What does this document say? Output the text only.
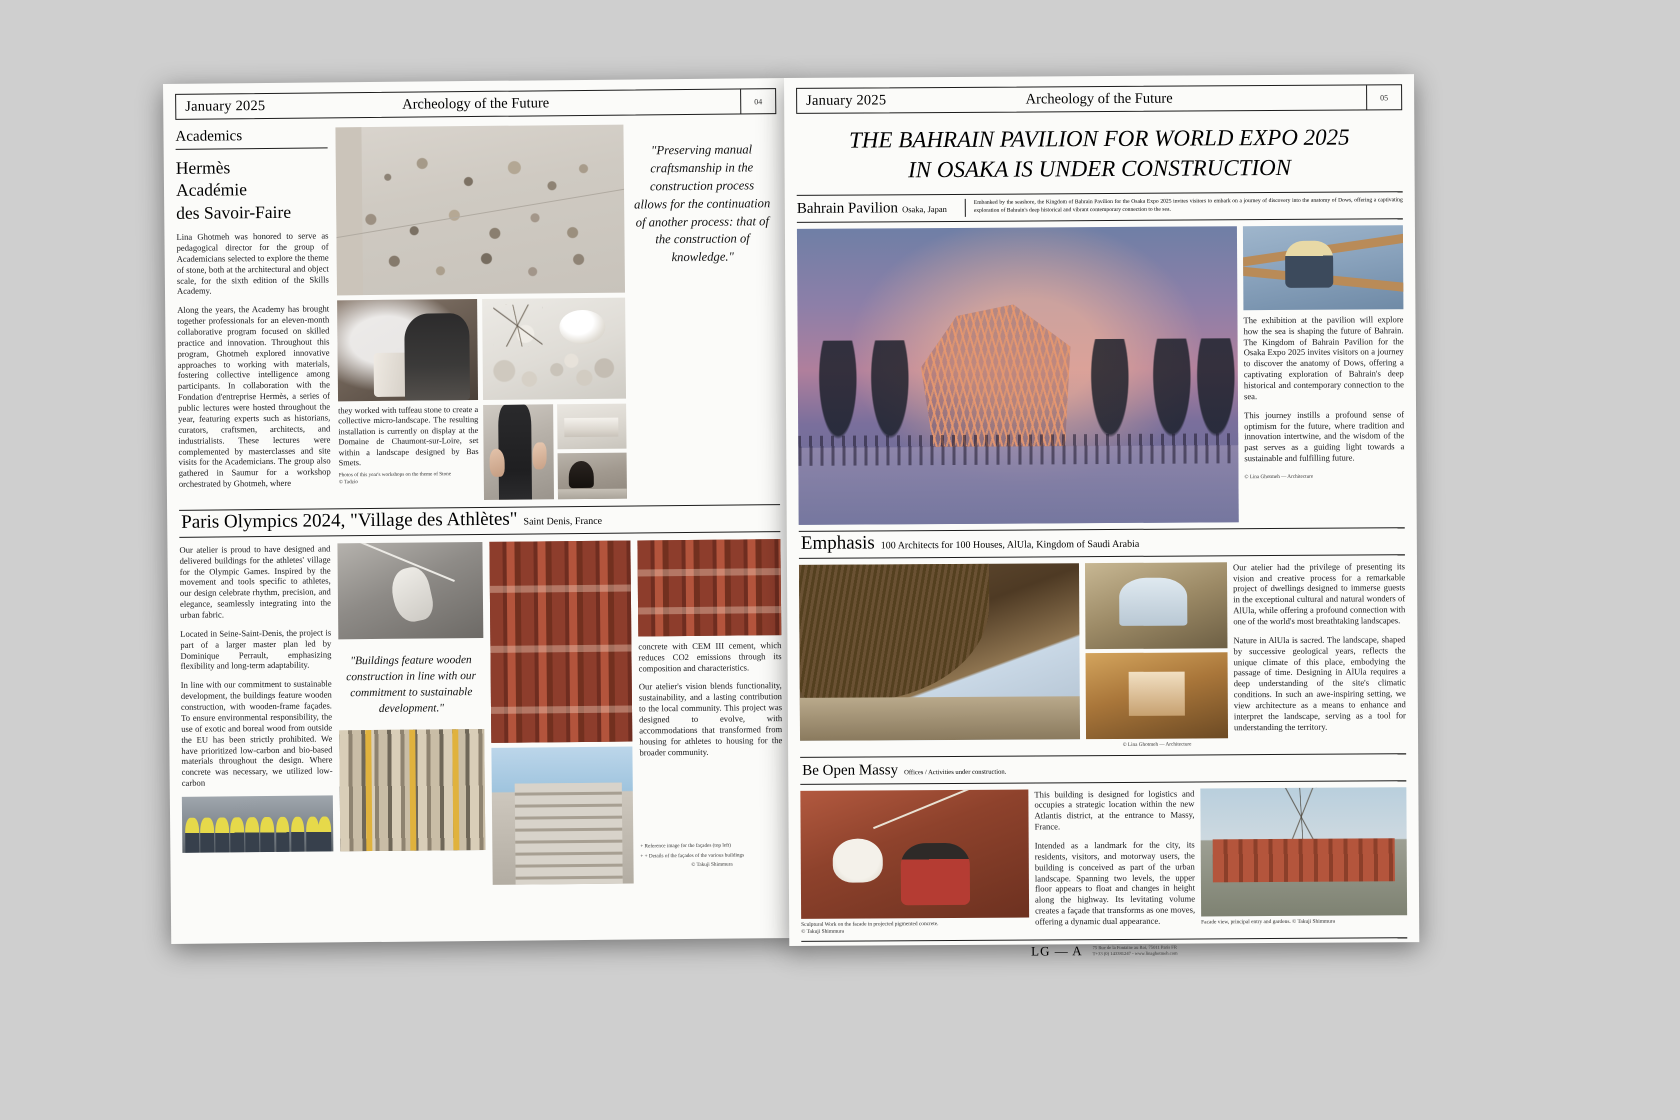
January 2025	Archeology of the Future	04
Academics
Hermès
Académie
des Savoir-Faire

Lina Ghotmeh was honored to serve as pedagogical director for the group of Academicians selected to explore the theme of stone, both at the architectural and object scale, for the sixth edition of the Skills Academy.

Along the years, the Academy has brought together professionals for an eleven-month collaborative program focused on skilled practice and innovation. Throughout this program, Ghotmeh explored innovative approaches to working with materials, fostering collective intelligence among participants. In collaboration with the Fondation d'entreprise Hermès, a series of public lectures were hosted throughout the year, featuring experts such as historians, curators, craftsmen, architects, and industrialists. These lectures were complemented by masterclasses and site visits for the Academicians. The group also gathered in Saumur for a workshop orchestrated by Ghotmeh, where

they worked with tuffeau stone to create a collective micro-landscape. The resulting installation is currently on display at the Domaine de Chaumont-sur-Loire, set within a landscape designed by Bas Smets.

Photos of this year's workshops on the theme of Stone
© Tadzio
"Preserving manual craftsmanship in the construction process allows for the continuation of another process: that of the construction of knowledge."
Paris Olympics 2024, "Village des Athlètes" Saint Denis, France

Our atelier is proud to have designed and delivered buildings for the athletes' village for the Olympic Games. Inspired by the movement and tools specific to athletes, our design celebrate rhythm, precision, and elegance, seamlessly integrating into the urban fabric.

Located in Seine-Saint-Denis, the project is part of a larger master plan led by Dominique Perrault, emphasizing flexibility and long-term adaptability.

In line with our commitment to sustainable development, the buildings feature wooden construction, with wooden-frame façades. To ensure environmental responsibility, the use of exotic and boreal wood from outside the EU has been strictly prohibited. We have prioritized low-carbon and bio-based materials throughout the design. Where concrete was necessary, we utilized low-carbon

"Buildings feature wooden construction in line with our commitment to sustainable development."

concrete with CEM III cement, which reduces CO2 emissions through its composition and characteristics.

Our atelier's vision blends functionality, sustainability, and a lasting contribution to the local community. This project was designed to evolve, with accommodations that transformed from housing for athletes to housing for the broader community.

+ Reference image for the façades (top left)
+ + Details of the façades of the various buildings
© Takuji Shimmura
January 2025	Archeology of the Future	05
THE BAHRAIN PAVILION FOR WORLD EXPO 2025
IN OSAKA IS UNDER CONSTRUCTION
Bahrain Pavilion Osaka, Japan
Embanked by the seashore, the Kingdom of Bahrain Pavilion for the Osaka Expo 2025 invites visitors to embark on a journey of discovery into the anatomy of Dows, offering a captivating exploration of Bahrain's deep historical and vibrant contemporary connection to the sea.

The exhibition at the pavilion will explore how the sea is shaping the future of Bahrain. The Kingdom of Bahrain Pavilion for the Osaka Expo 2025 invites visitors on a journey to discover the anatomy of Dows, offering a captivating exploration of Bahrain's deep historical and contemporary connection to the sea.

This journey instills a profound sense of optimism for the future, where tradition and innovation intertwine, and the wisdom of the past serves as a guiding light towards a sustainable and fulfilling future.

© Lina Ghotmeh — Architecture
Emphasis 100 Architects for 100 Houses, AlUla, Kingdom of Saudi Arabia
© Lina Ghotmeh — Architecture

Our atelier had the privilege of presenting its vision and creative process for a remarkable project of dwellings designed to immerse guests in the exceptional cultural and natural wonders of AlUla, while offering a profound connection with one of the world's most breathtaking landscapes.

Nature in AlUla is sacred. The landscape, shaped by successive geological years, reflects the unique climate of this place, embodying the passage of time. Designing in AlUla requires a deep understanding of the site's climatic conditions. In such an awe-inspiring setting, we view architecture as a means to enhance and interpret the landscape, serving as a tool for understanding the territory.

Be Open Massy Offices / Activities under construction.
Sculptural Work on the facade in projected pigmented concrete.
© Takuji Shimmura

This building is designed for logistics and occupies a strategic location within the new Atlantis district, at the entrance to Massy, France.

Intended as a landmark for the city, its residents, visitors, and motorway users, the building is conceived as part of the urban landscape. Spanning two levels, the upper floor appears to float and changes in height along the highway. Its levitating volume creates a façade that transforms as one moves, offering a dynamic dual appearance.	Facade view, principal entry and gardens. © Takuji Shimmura
LG — A 75 Rue de la Fontaine au Roi, 75011 Paris FR
T+33 (0) 143381247 - www.linaghotmeh.com
